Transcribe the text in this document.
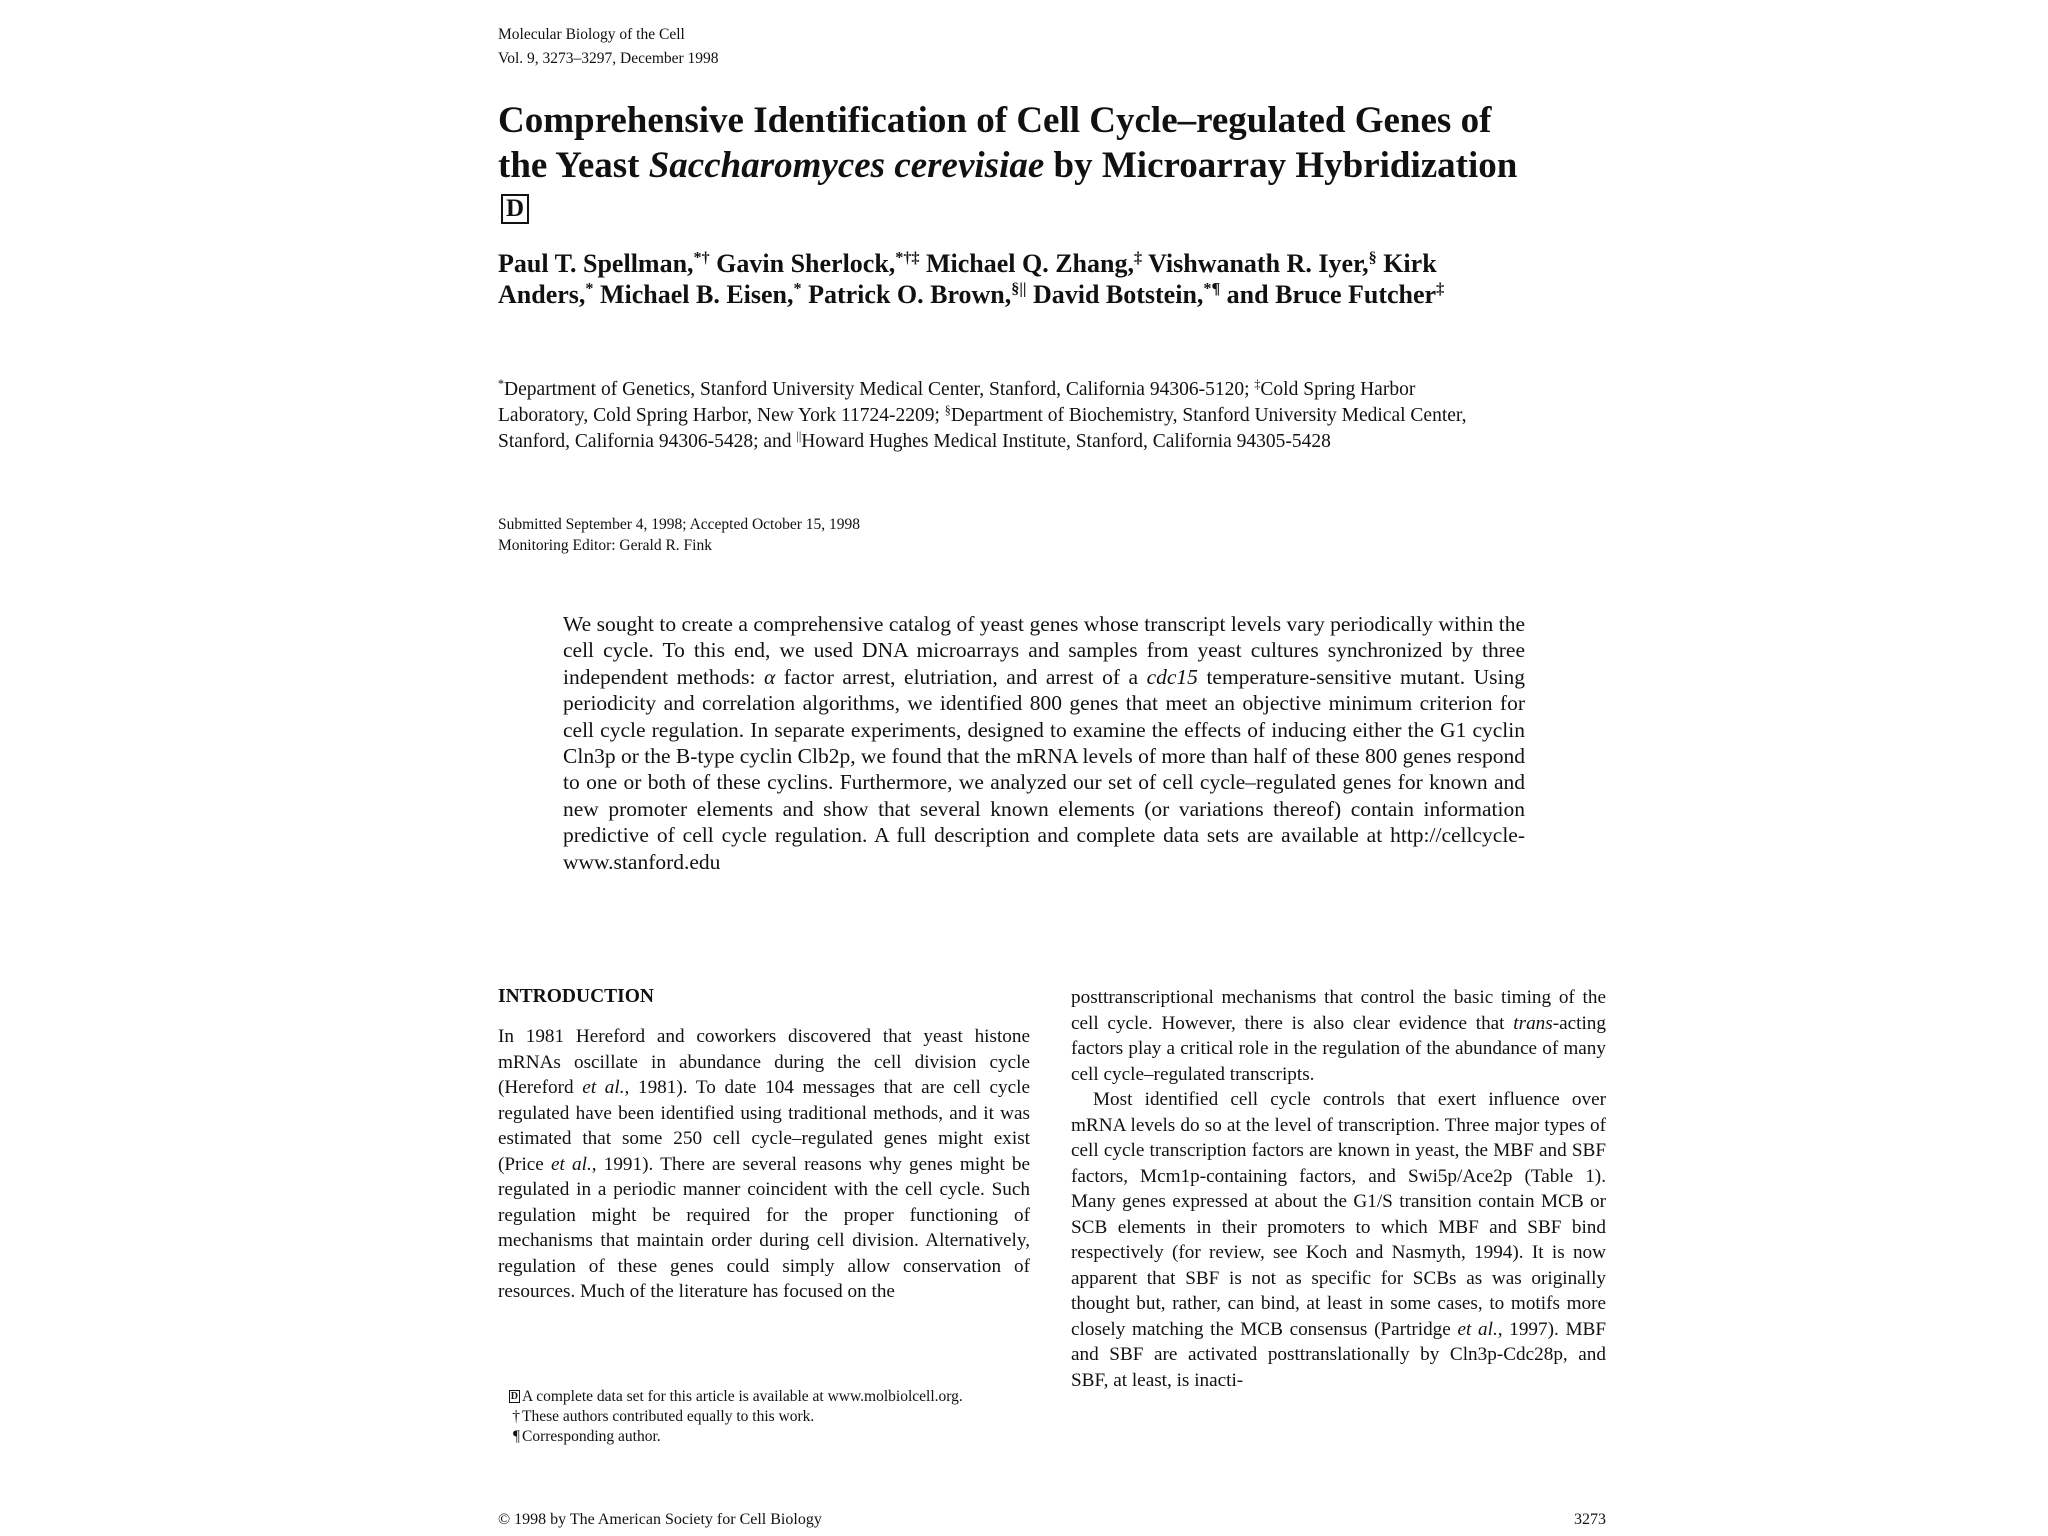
Molecular Biology of the Cell
Vol. 9, 3273–3297, December 1998
Comprehensive Identification of Cell Cycle–regulated Genes of the Yeast Saccharomyces cerevisiae by Microarray HybridizationD
Paul T. Spellman,*† Gavin Sherlock,*†‡ Michael Q. Zhang,‡ Vishwanath R. Iyer,§ Kirk Anders,* Michael B. Eisen,* Patrick O. Brown,§|| David Botstein,*¶ and Bruce Futcher‡
*Department of Genetics, Stanford University Medical Center, Stanford, California 94306-5120; ‡Cold Spring Harbor Laboratory, Cold Spring Harbor, New York 11724-2209; §Department of Biochemistry, Stanford University Medical Center, Stanford, California 94306-5428; and ||Howard Hughes Medical Institute, Stanford, California 94305-5428
Submitted September 4, 1998; Accepted October 15, 1998
Monitoring Editor: Gerald R. Fink
We sought to create a comprehensive catalog of yeast genes whose transcript levels vary periodically within the cell cycle. To this end, we used DNA microarrays and samples from yeast cultures synchronized by three independent methods: α factor arrest, elutriation, and arrest of a cdc15 temperature-sensitive mutant. Using periodicity and correlation algorithms, we identified 800 genes that meet an objective minimum criterion for cell cycle regulation. In separate experiments, designed to examine the effects of inducing either the G1 cyclin Cln3p or the B-type cyclin Clb2p, we found that the mRNA levels of more than half of these 800 genes respond to one or both of these cyclins. Furthermore, we analyzed our set of cell cycle–regulated genes for known and new promoter elements and show that several known elements (or variations thereof) contain information predictive of cell cycle regulation. A full description and complete data sets are available at http://cellcycle-www.stanford.edu
INTRODUCTION

In 1981 Hereford and coworkers discovered that yeast histone mRNAs oscillate in abundance during the cell division cycle (Hereford et al., 1981). To date 104 messages that are cell cycle regulated have been identified using traditional methods, and it was estimated that some 250 cell cycle–regulated genes might exist (Price et al., 1991). There are several reasons why genes might be regulated in a periodic manner coincident with the cell cycle. Such regulation might be required for the proper functioning of mechanisms that maintain order during cell division. Alternatively, regulation of these genes could simply allow conservation of resources. Much of the literature has focused on the

D A complete data set for this article is available at www.molbiolcell.org.
† These authors contributed equally to this work.
¶ Corresponding author.

posttranscriptional mechanisms that control the basic timing of the cell cycle. However, there is also clear evidence that trans-acting factors play a critical role in the regulation of the abundance of many cell cycle–regulated transcripts.

Most identified cell cycle controls that exert influence over mRNA levels do so at the level of transcription. Three major types of cell cycle transcription factors are known in yeast, the MBF and SBF factors, Mcm1p-containing factors, and Swi5p/Ace2p (Table 1). Many genes expressed at about the G1/S transition contain MCB or SCB elements in their promoters to which MBF and SBF bind respectively (for review, see Koch and Nasmyth, 1994). It is now apparent that SBF is not as specific for SCBs as was originally thought but, rather, can bind, at least in some cases, to motifs more closely matching the MCB consensus (Partridge et al., 1997). MBF and SBF are activated posttranslationally by Cln3p-Cdc28p, and SBF, at least, is inacti-

© 1998 by The American Society for Cell Biology	3273
